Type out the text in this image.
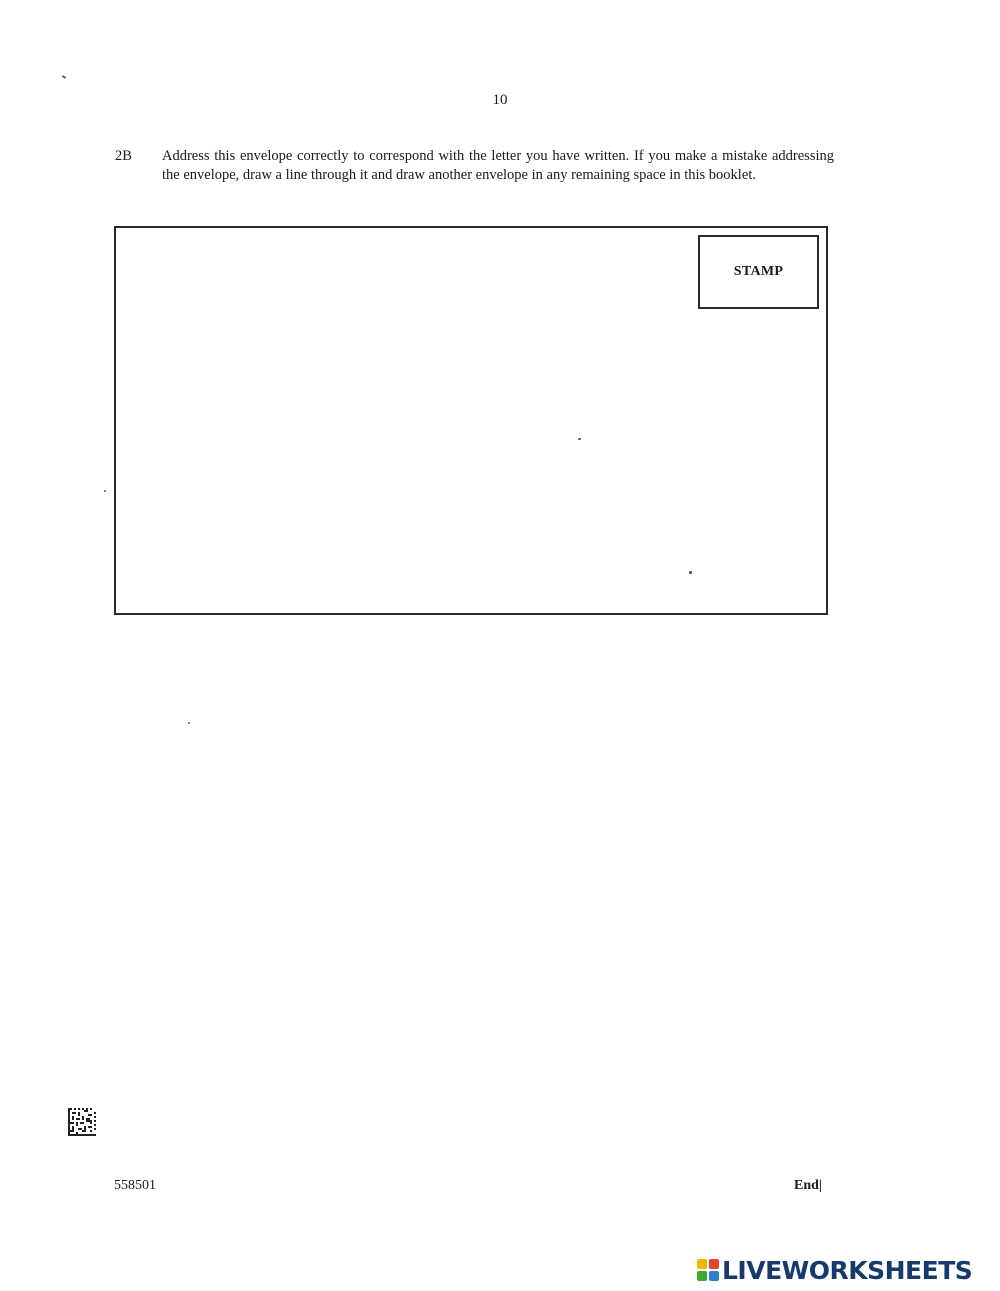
10
2B Address this envelope correctly to correspond with the letter you have written. If you make a mistake addressing the envelope, draw a line through it and draw another envelope in any remaining space in this booklet.
STAMP
558501	End|
LIVEWORKSHEETS
